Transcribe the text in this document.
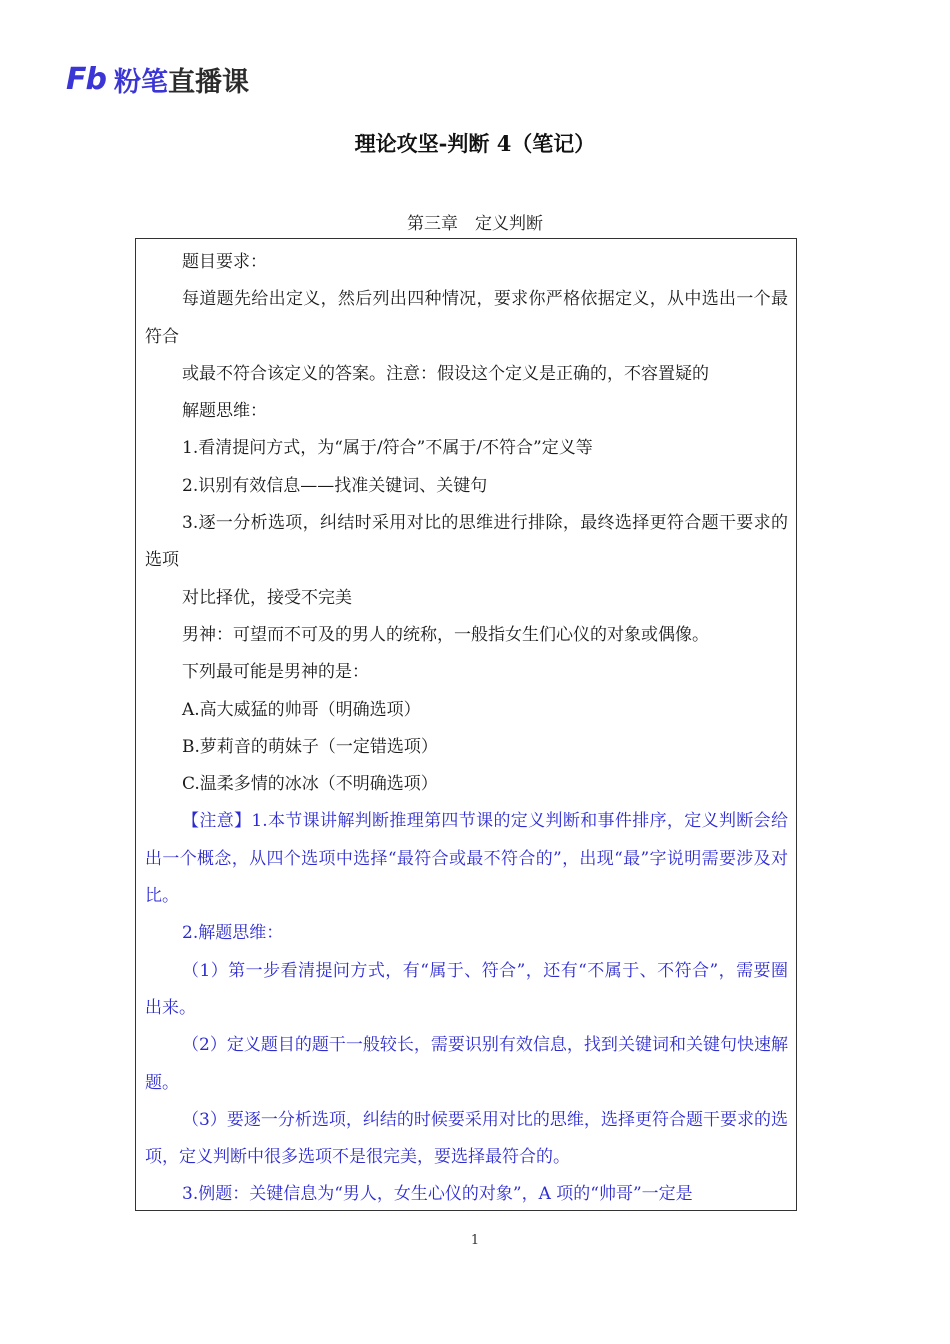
Fb 粉笔直播课
理论攻坚-判断 4（笔记）
第三章　定义判断

题目要求：

每道题先给出定义，然后列出四种情况，要求你严格依据定义，从中选出一个最符合

或最不符合该定义的答案。注意：假设这个定义是正确的，不容置疑的

解题思维：

1.看清提问方式，为“属于/符合”不属于/不符合”定义等

2.识别有效信息——找准关键词、关键句

3.逐一分析选项，纠结时采用对比的思维进行排除，最终选择更符合题干要求的选项

对比择优，接受不完美

男神：可望而不可及的男人的统称，一般指女生们心仪的对象或偶像。

下列最可能是男神的是：

A.高大威猛的帅哥（明确选项）

B.萝莉音的萌妹子（一定错选项）

C.温柔多情的冰冰（不明确选项）

【注意】1.本节课讲解判断推理第四节课的定义判断和事件排序，定义判断会给出一个概念，从四个选项中选择“最符合或最不符合的”，出现“最”字说明需要涉及对比。

2.解题思维：

（1）第一步看清提问方式，有“属于、符合”，还有“不属于、不符合”，需要圈出来。

（2）定义题目的题干一般较长，需要识别有效信息，找到关键词和关键句快速解题。

（3）要逐一分析选项，纠结的时候要采用对比的思维，选择更符合题干要求的选项，定义判断中很多选项不是很完美，要选择最符合的。

3.例题：关键信息为“男人，女生心仪的对象”，A 项的“帅哥”一定是

1
